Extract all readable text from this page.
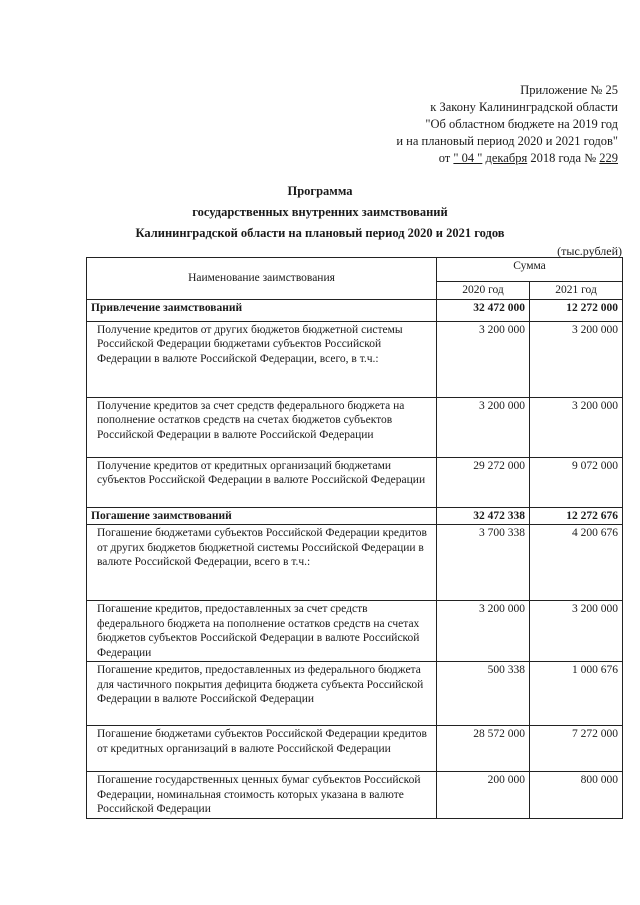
Приложение № 25
к Закону Калининградской области
"Об областном бюджете на 2019 год
и на плановый период 2020 и 2021 годов"
от " 04 " декабря 2018 года № 229
Программа
государственных внутренних заимствований
Калининградской области на плановый период 2020 и 2021 годов
(тыс.рублей)
Наименование заимствования	Сумма	
	2020 год	2021 год
Привлечение заимствований	32 472 000	12 272 000
Получение кредитов от других бюджетов бюджетной системы Российской Федерации бюджетами субъектов Российской Федерации в валюте Российской Федерации, всего, в т.ч.:	3 200 000	3 200 000
Получение кредитов за счет средств федерального бюджета на пополнение остатков средств на счетах бюджетов субъектов Российской Федерации в валюте Российской Федерации	3 200 000	3 200 000
Получение кредитов от кредитных организаций бюджетами субъектов Российской Федерации в валюте Российской Федерации	29 272 000	9 072 000
Погашение заимствований	32 472 338	12 272 676
Погашение бюджетами субъектов Российской Федерации кредитов от других бюджетов бюджетной системы Российской Федерации в валюте Российской Федерации, всего в т.ч.:	3 700 338	4 200 676
Погашение кредитов, предоставленных за счет средств федерального бюджета на пополнение остатков средств на счетах бюджетов субъектов Российской Федерации в валюте Российской Федерации	3 200 000	3 200 000
Погашение кредитов, предоставленных из федерального бюджета для частичного покрытия дефицита бюджета субъекта Российской Федерации в валюте Российской Федерации	500 338	1 000 676
Погашение бюджетами субъектов Российской Федерации кредитов от кредитных организаций в валюте Российской Федерации	28 572 000	7 272 000
Погашение государственных ценных бумаг субъектов Российской Федерации, номинальная стоимость которых указана в валюте Российской Федерации	200 000	800 000
